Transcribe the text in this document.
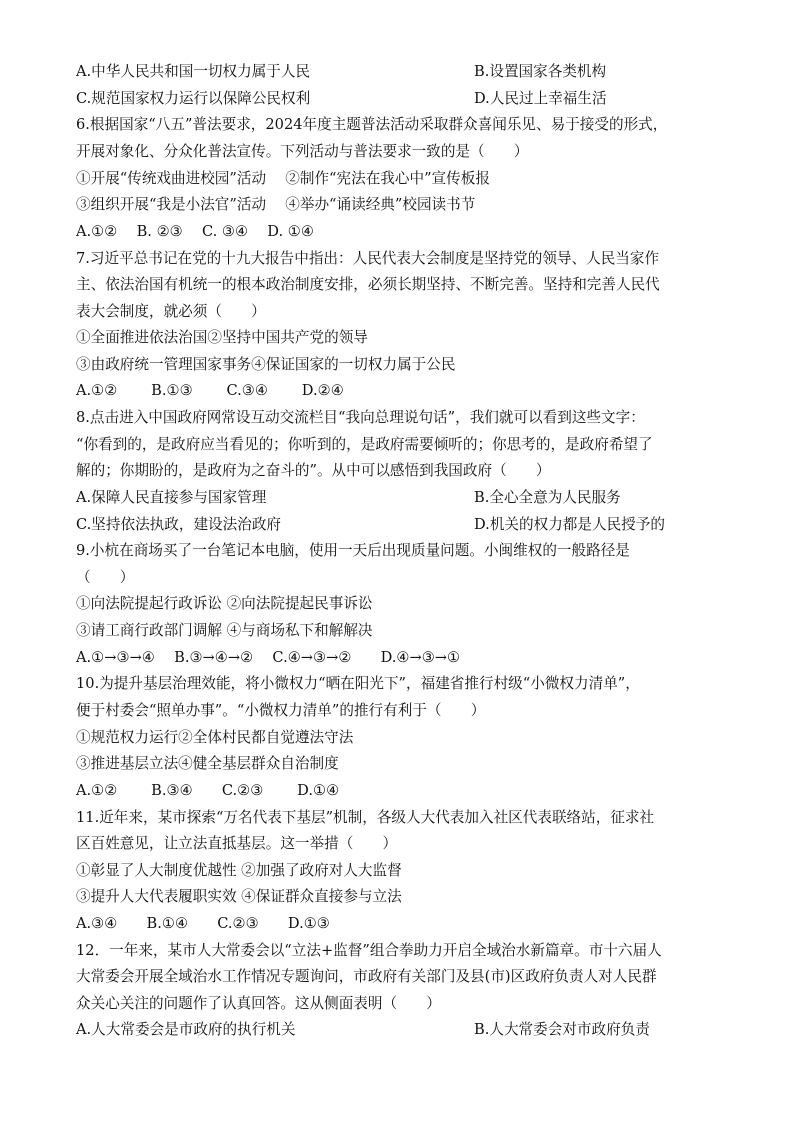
A.中华人民共和国一切权力属于人民	B.设置国家各类机构
C.规范国家权力运行以保障公民权利	D.人民过上幸福生活
6.根据国家“八五”普法要求，2024年度主题普法活动采取群众喜闻乐见、易于接受的形式，
开展对象化、分众化普法宣传。下列活动与普法要求一致的是（　　）
①开展“传统戏曲进校园”活动　 ②制作“宪法在我心中”宣传板报
③组织开展“我是小法官”活动　 ④举办“诵读经典”校园读书节
A.①②　 B. ②③　 C. ③④　 D. ①④
7.习近平总书记在党的十九大报告中指出：人民代表大会制度是坚持党的领导、人民当家作
主、依法治国有机统一的根本政治制度安排，必须长期坚持、不断完善。坚持和完善人民代
表大会制度，就必须（　　）
①全面推进依法治国②坚持中国共产党的领导
③由政府统一管理国家事务④保证国家的一切权力属于公民
A.①②　　 B.①③　　 C.③④　　 D.②④
8.点击进入中国政府网常设互动交流栏目“我向总理说句话”，我们就可以看到这些文字：
“你看到的，是政府应当看见的；你听到的，是政府需要倾听的；你思考的，是政府希望了
解的；你期盼的，是政府为之奋斗的”。从中可以感悟到我国政府（　　）
A.保障人民直接参与国家管理	B.全心全意为人民服务
C.坚持依法执政，建设法治政府	D.机关的权力都是人民授予的
9.小杭在商场买了一台笔记本电脑，使用一天后出现质量问题。小闽维权的一般路径是
（　　）
①向法院提起行政诉讼 ②向法院提起民事诉讼
③请工商行政部门调解 ④与商场私下和解解决
A.①→③→④　 B.③→④→②　 C.④→③→②　　D.④→③→①
10.为提升基层治理效能，将小微权力“晒在阳光下”，福建省推行村级“小微权力清单”，
便于村委会“照单办事”。“小微权力清单”的推行有利于（　　）
①规范权力运行②全体村民都自觉遵法守法
③推进基层立法④健全基层群众自治制度
A.①②　　 B.③④　　C.②③　　 D.①④
11.近年来，某市探索“万名代表下基层”机制，各级人大代表加入社区代表联络站，征求社
区百姓意见，让立法直抵基层。这一举措（　　）
①彰显了人大制度优越性 ②加强了政府对人大监督
③提升人大代表履职实效 ④保证群众直接参与立法
A.③④　　B.①④　　C.②③　　D.①③
12．一年来，某市人大常委会以“立法+监督”组合拳助力开启全域治水新篇章。市十六届人
大常委会开展全域治水工作情况专题询问，市政府有关部门及县(市)区政府负责人对人民群
众关心关注的问题作了认真回答。这从侧面表明（　　）
A.人大常委会是市政府的执行机关	B.人大常委会对市政府负责
